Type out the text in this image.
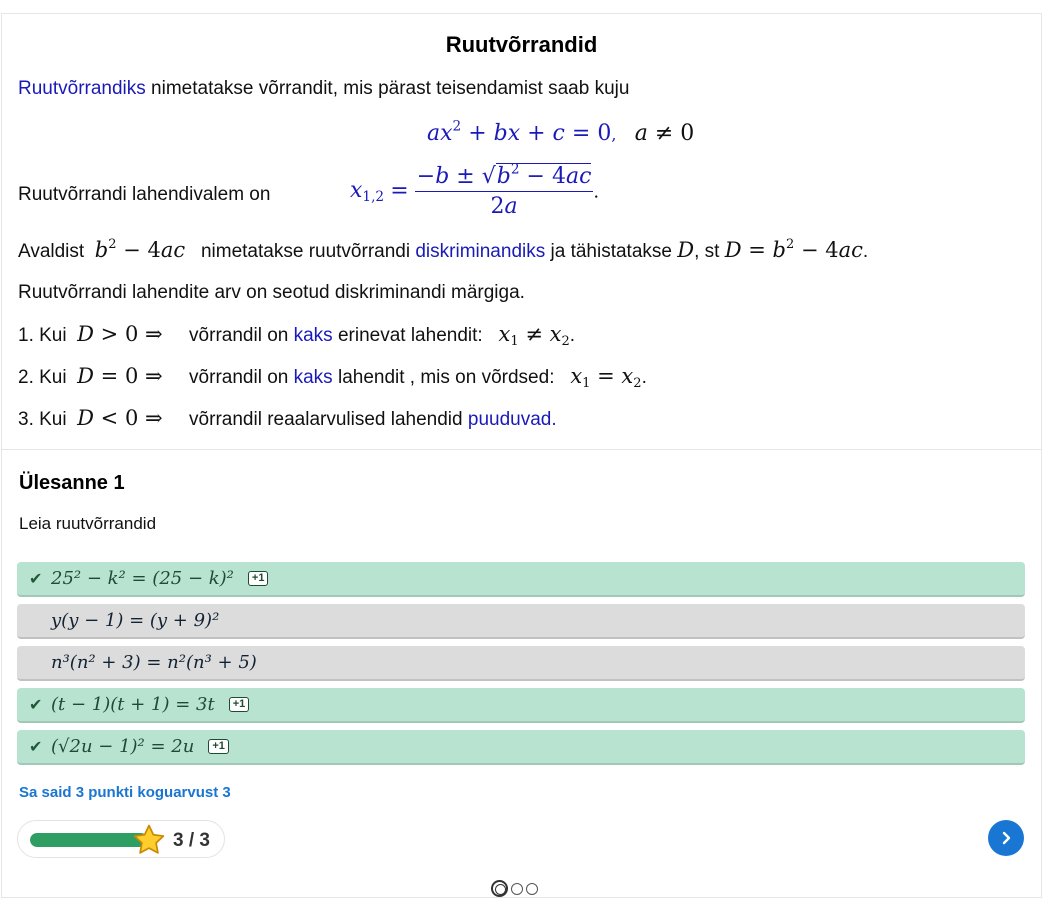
Ruutvõrrandid
Ruutvõrrandiks nimetatakse võrrandit, mis pärast teisendamist saab kuju
$ax^2$ + bx + c = 0, a ≠ 0
Ruutvõrrandi lahendivalem on	$x_{1,2} = \frac{-b \pm √b^2 - 4ac}{2a}$ .
Avaldist $b^2 - 4ac$ nimetatakse ruutvõrrandi diskriminandiks ja tähistatakse D, st $D = b^2 - 4ac$.
Ruutvõrrandi lahendite arv on seotud diskriminandi märgiga.
1. Kui D > 0 ⇒ võrrandil on kaks erinevat lahendit: $x_1 \ne x_2$.
2. Kui D = 0 ⇒ võrrandil on kaks lahendit , mis on võrdsed: $x_1 = x_2$.
3. Kui D < 0 ⇒ võrrandil reaalarvulised lahendid puuduvad.
Ülesanne 1
Leia ruutvõrrandid
✔ 25² − k² = (25 − k)²	+1
y(y − 1) = (y + 9)²
n³(n² + 3) = n²(n³ + 5)
✔ (t − 1)(t + 1) = 3t	+1
✔ (√2u − 1)² = 2u	+1
Sa said 3 punkti koguarvust 3
3 / 3
